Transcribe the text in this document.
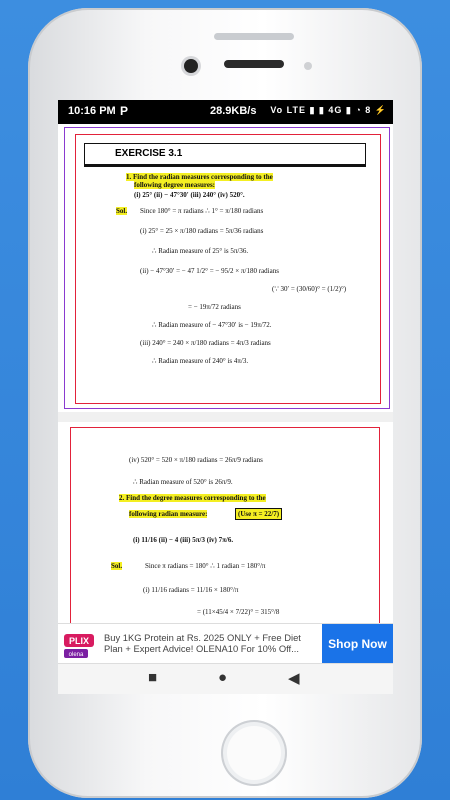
10:16 PM P	28.9KB/s Vo LTE ▮ ▮ 4G ▮ ◔ 8 ⚡
EXERCISE 3.1
1. Find the radian measures corresponding to the
following degree measures:
(i) 25° (ii) − 47°30′ (iii) 240° (iv) 520°.
Sol. Since 180° = π radians ∴ 1° = π/180 radians
(i) 25° = 25 × π/180 radians = 5π/36 radians
∴ Radian measure of 25° is 5π/36.
(ii) − 47°30′ = − 47 1/2° = − 95/2 × π/180 radians
(∵ 30′ = (30/60)° = (1/2)°)
= − 19π/72 radians
∴ Radian measure of − 47°30′ is − 19π/72.
(iii) 240° = 240 × π/180 radians = 4π/3 radians
∴ Radian measure of 240° is 4π/3.
(iv) 520° = 520 × π/180 radians = 26π/9 radians
∴ Radian measure of 520° is 26π/9.
2. Find the degree measures corresponding to the
following radian measure:	(Use π = 22/7)
(i) 11/16 (ii) − 4 (iii) 5π/3 (iv) 7π/6.
Sol.	Since π radians = 180° ∴ 1 radian = 180°/π
(i) 11/16 radians = 11/16 × 180°/π
= (11×45/4 × 7/22)° = 315°/8
PLIX
olena
Buy 1KG Protein at Rs. 2025 ONLY + Free Diet Plan + Expert Advice! OLENA10 For 10% Off...	Shop Now
■	●	◀
